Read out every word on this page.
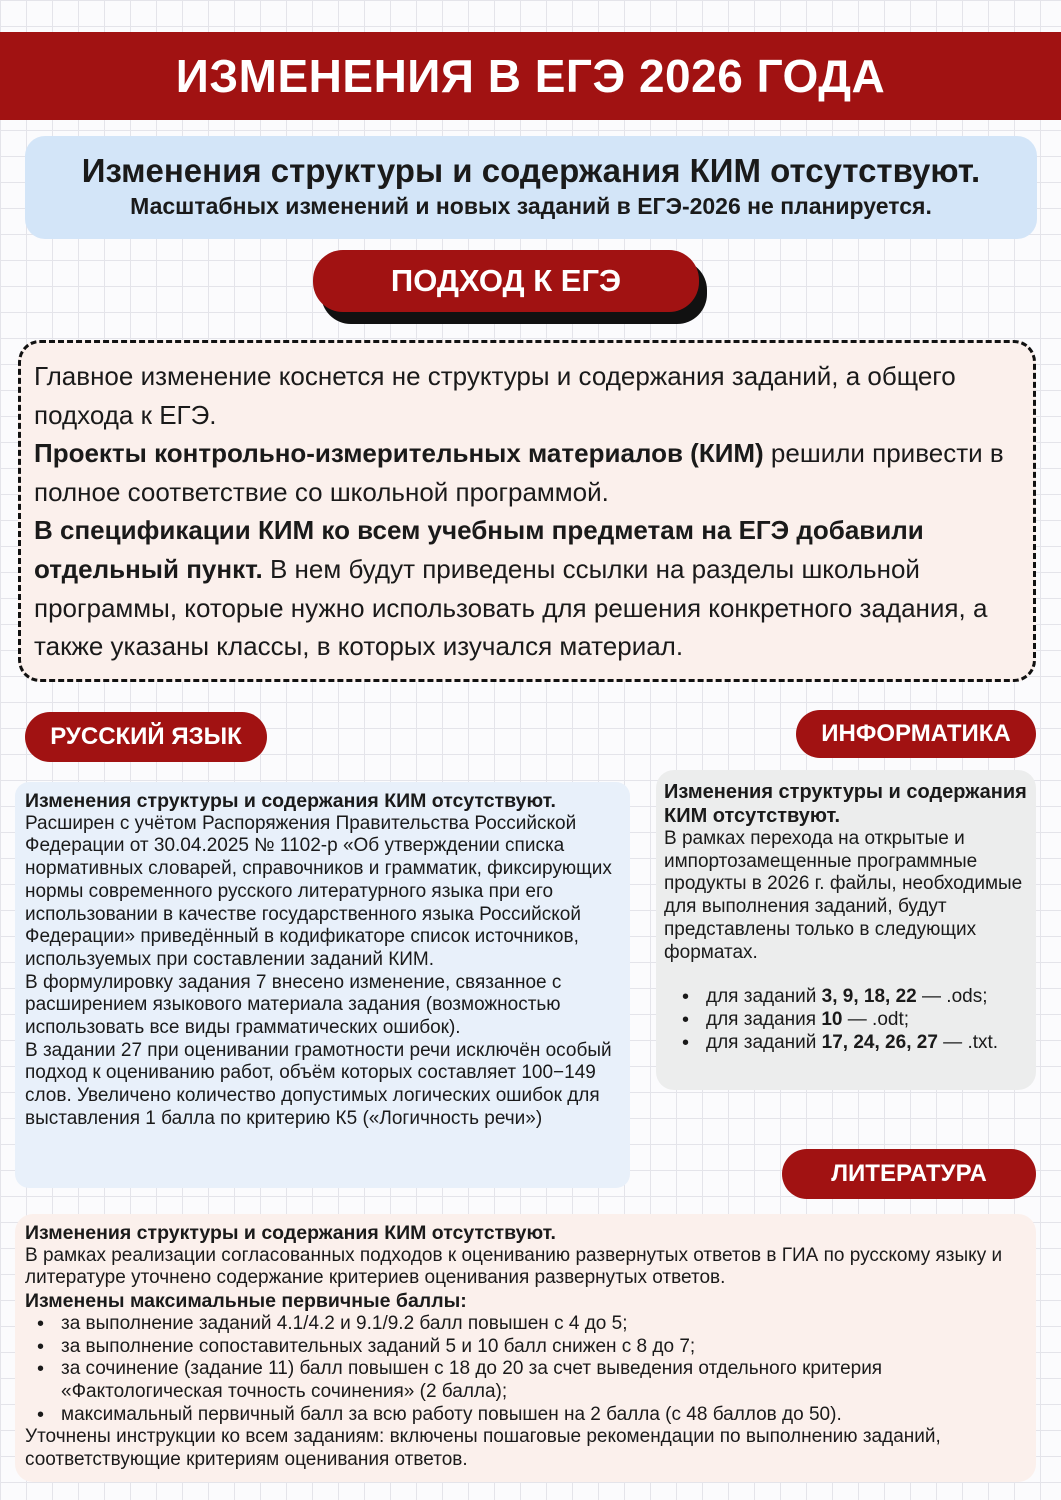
ИЗМЕНЕНИЯ В ЕГЭ 2026 ГОДА
Изменения структуры и содержания КИМ отсутствуют.
Масштабных изменений и новых заданий в ЕГЭ-2026 не планируется.
ПОДХОД К ЕГЭ

Главное изменение коснется не структуры и содержания заданий, а общего подхода к ЕГЭ.

Проекты контрольно-измерительных материалов (КИМ) решили привести в полное соответствие со школьной программой.

В спецификации КИМ ко всем учебным предметам на ЕГЭ добавили отдельный пункт. В нем будут приведены ссылки на разделы школьной программы, которые нужно использовать для решения конкретного задания, а также указаны классы, в которых изучался материал.

РУССКИЙ ЯЗЫК

Изменения структуры и содержания КИМ отсутствуют.

Расширен с учётом Распоряжения Правительства Российской Федерации от 30.04.2025 № 1102-р «Об утверждении списка нормативных словарей, справочников и грамматик, фиксирующих нормы современного русского литературного языка при его использовании в качестве государственного языка Российской Федерации» приведённый в кодификаторе список источников, используемых при составлении заданий КИМ.

В формулировку задания 7 внесено изменение, связанное с расширением языкового материала задания (возможностью использовать все виды грамматических ошибок).

В задании 27 при оценивании грамотности речи исключён особый подход к оцениванию работ, объём которых составляет 100−149 слов. Увеличено количество допустимых логических ошибок для выставления 1 балла по критерию К5 («Логичность речи»)

ИНФОРМАТИКА

Изменения структуры и содержания КИМ отсутствуют.

В рамках перехода на открытые и импортозамещенные программные продукты в 2026 г. файлы, необходимые для выполнения заданий, будут представлены только в следующих форматах.

• для заданий 3, 9, 18, 22 — .ods;
• для задания 10 — .odt;
• для заданий 17, 24, 26, 27 — .txt.
ЛИТЕРАТУРА

Изменения структуры и содержания КИМ отсутствуют.

В рамках реализации согласованных подходов к оцениванию развернутых ответов в ГИА по русскому языку и литературе уточнено содержание критериев оценивания развернутых ответов.

Изменены максимальные первичные баллы:

• за выполнение заданий 4.1/4.2 и 9.1/9.2 балл повышен с 4 до 5;
• за выполнение сопоставительных заданий 5 и 10 балл снижен с 8 до 7;
• за сочинение (задание 11) балл повышен с 18 до 20 за счет выведения отдельного критерия «Фактологическая точность сочинения» (2 балла);
• максимальный первичный балл за всю работу повышен на 2 балла (с 48 баллов до 50).

Уточнены инструкции ко всем заданиям: включены пошаговые рекомендации по выполнению заданий, соответствующие критериям оценивания ответов.
